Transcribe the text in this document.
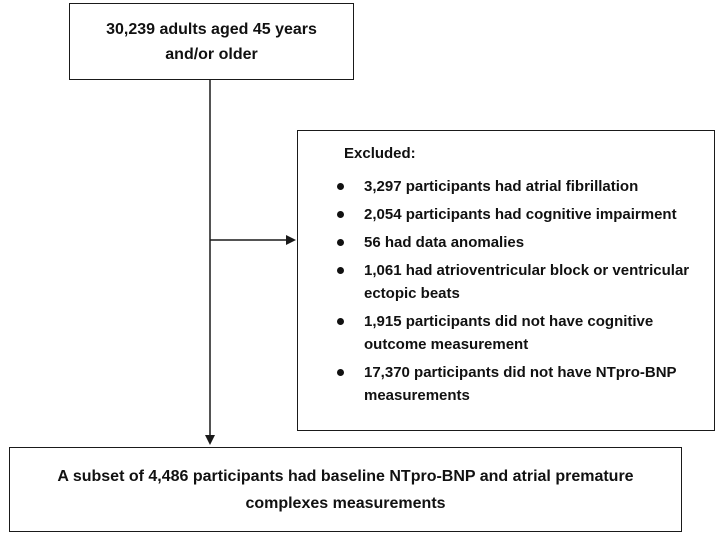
30,239 adults aged 45 years and/or older
Excluded:
3,297 participants had atrial fibrillation
2,054 participants had cognitive impairment
56 had data anomalies
1,061 had atrioventricular block or ventricular ectopic beats
1,915 participants did not have cognitive outcome measurement
17,370 participants did not have NTpro-BNP measurements
A subset of 4,486 participants had baseline NTpro-BNP and atrial premature complexes measurements
